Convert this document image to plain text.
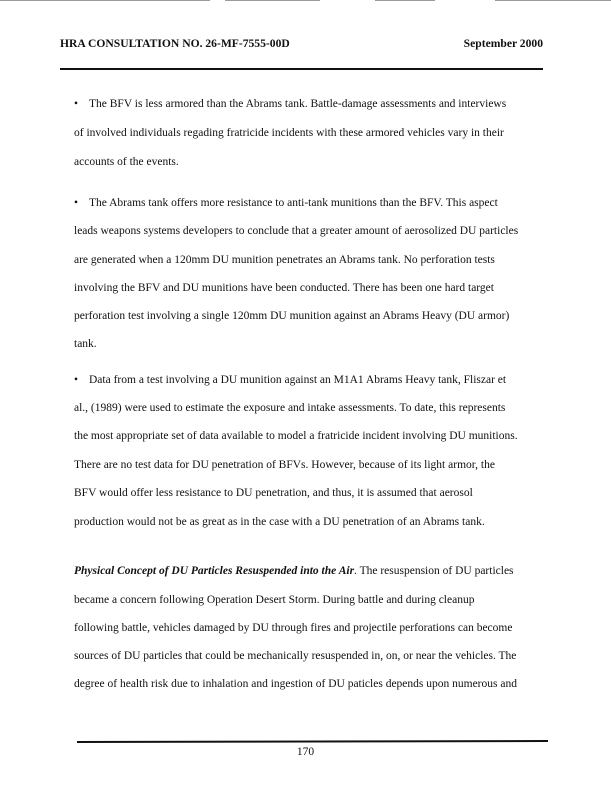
HRA CONSULTATION NO. 26-MF-7555-00D	September 2000
• The BFV is less armored than the Abrams tank. Battle-damage assessments and interviews
of involved individuals regading fratricide incidents with these armored vehicles vary in their
accounts of the events.
• The Abrams tank offers more resistance to anti-tank munitions than the BFV. This aspect
leads weapons systems developers to conclude that a greater amount of aerosolized DU particles
are generated when a 120mm DU munition penetrates an Abrams tank. No perforation tests
involving the BFV and DU munitions have been conducted. There has been one hard target
perforation test involving a single 120mm DU munition against an Abrams Heavy (DU armor)
tank.
• Data from a test involving a DU munition against an M1A1 Abrams Heavy tank, Fliszar et
al., (1989) were used to estimate the exposure and intake assessments. To date, this represents
the most appropriate set of data available to model a fratricide incident involving DU munitions.
There are no test data for DU penetration of BFVs. However, because of its light armor, the
BFV would offer less resistance to DU penetration, and thus, it is assumed that aerosol
production would not be as great as in the case with a DU penetration of an Abrams tank.
Physical Concept of DU Particles Resuspended into the Air. The resuspension of DU particles
became a concern following Operation Desert Storm. During battle and during cleanup
following battle, vehicles damaged by DU through fires and projectile perforations can become
sources of DU particles that could be mechanically resuspended in, on, or near the vehicles. The
degree of health risk due to inhalation and ingestion of DU paticles depends upon numerous and
170
